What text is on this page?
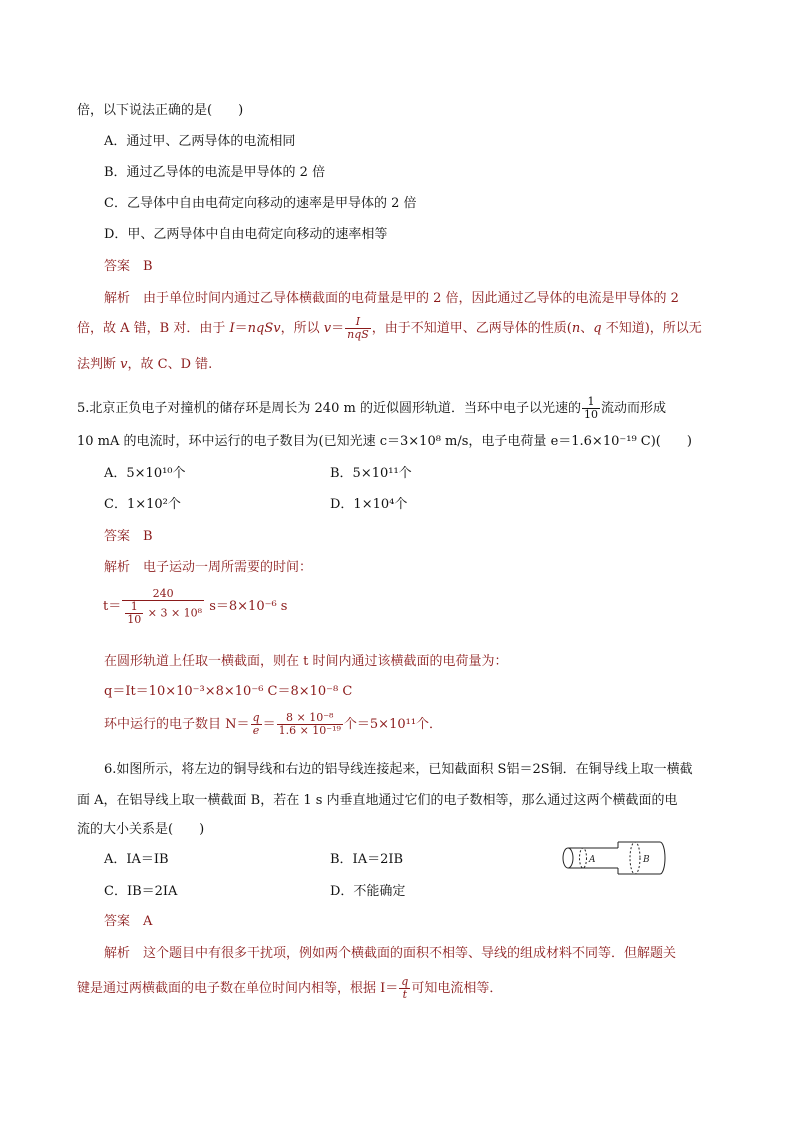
倍，以下说法正确的是(　　)
A．通过甲、乙两导体的电流相同
B．通过乙导体的电流是甲导体的 2 倍
C．乙导体中自由电荷定向移动的速率是甲导体的 2 倍
D．甲、乙两导体中自由电荷定向移动的速率相等
答案　B
解析　由于单位时间内通过乙导体横截面的电荷量是甲的 2 倍，因此通过乙导体的电流是甲导体的 2
倍，故 A 错，B 对．由于 I＝nqSv，所以 $v= \frac{I}{\text{nqS}}$ ，由于不知道甲、乙两导体的性质(n、q 不知道)，所以无
法判断 v，故 C、D 错.
5.北京正负电子对撞机的储存环是周长为 240 m 的近似圆形轨道．当环中电子以光速的 $\frac{1}{10}$ 流动而形成
10 mA 的电流时，环中运行的电子数目为(已知光速 c＝3×10⁸ m/s，电子电荷量 e＝1.6×10⁻¹⁹ C)(　　)
A．5×10¹⁰个	B．5×10¹¹个
C．1×10²个	D．1×10⁴个
答案　B
解析　电子运动一周所需要的时间：
$t= \frac{240}{\frac{1}{10} \times 3 \times 10^8} s=8\times 10^{-6}$ s
在圆形轨道上任取一横截面，则在 t 时间内通过该横截面的电荷量为：
q＝It＝10×10⁻³×8×10⁻⁶ C＝8×10⁻⁸ C
环中运行的电子数目 $N= \frac{q}{e} = \frac{\text{8 × 10⁻⁸}}{\text{1.6 × 10⁻¹⁹}}$ 个＝5×10¹¹个．
6.如图所示，将左边的铜导线和右边的铝导线连接起来，已知截面积 S铝＝2S铜．在铜导线上取一横截
面 A，在铝导线上取一横截面 B，若在 1 s 内垂直地通过它们的电子数相等，那么通过这两个横截面的电
流的大小关系是(　　)
A．IA＝IB	B．IA＝2IB
C．IB＝2IA	D．不能确定
A	B
答案　A
解析　这个题目中有很多干扰项，例如两个横截面的面积不相等、导线的组成材料不同等．但解题关
键是通过两横截面的电子数在单位时间内相等，根据 $I= \frac{q}{t}$ 可知电流相等．
